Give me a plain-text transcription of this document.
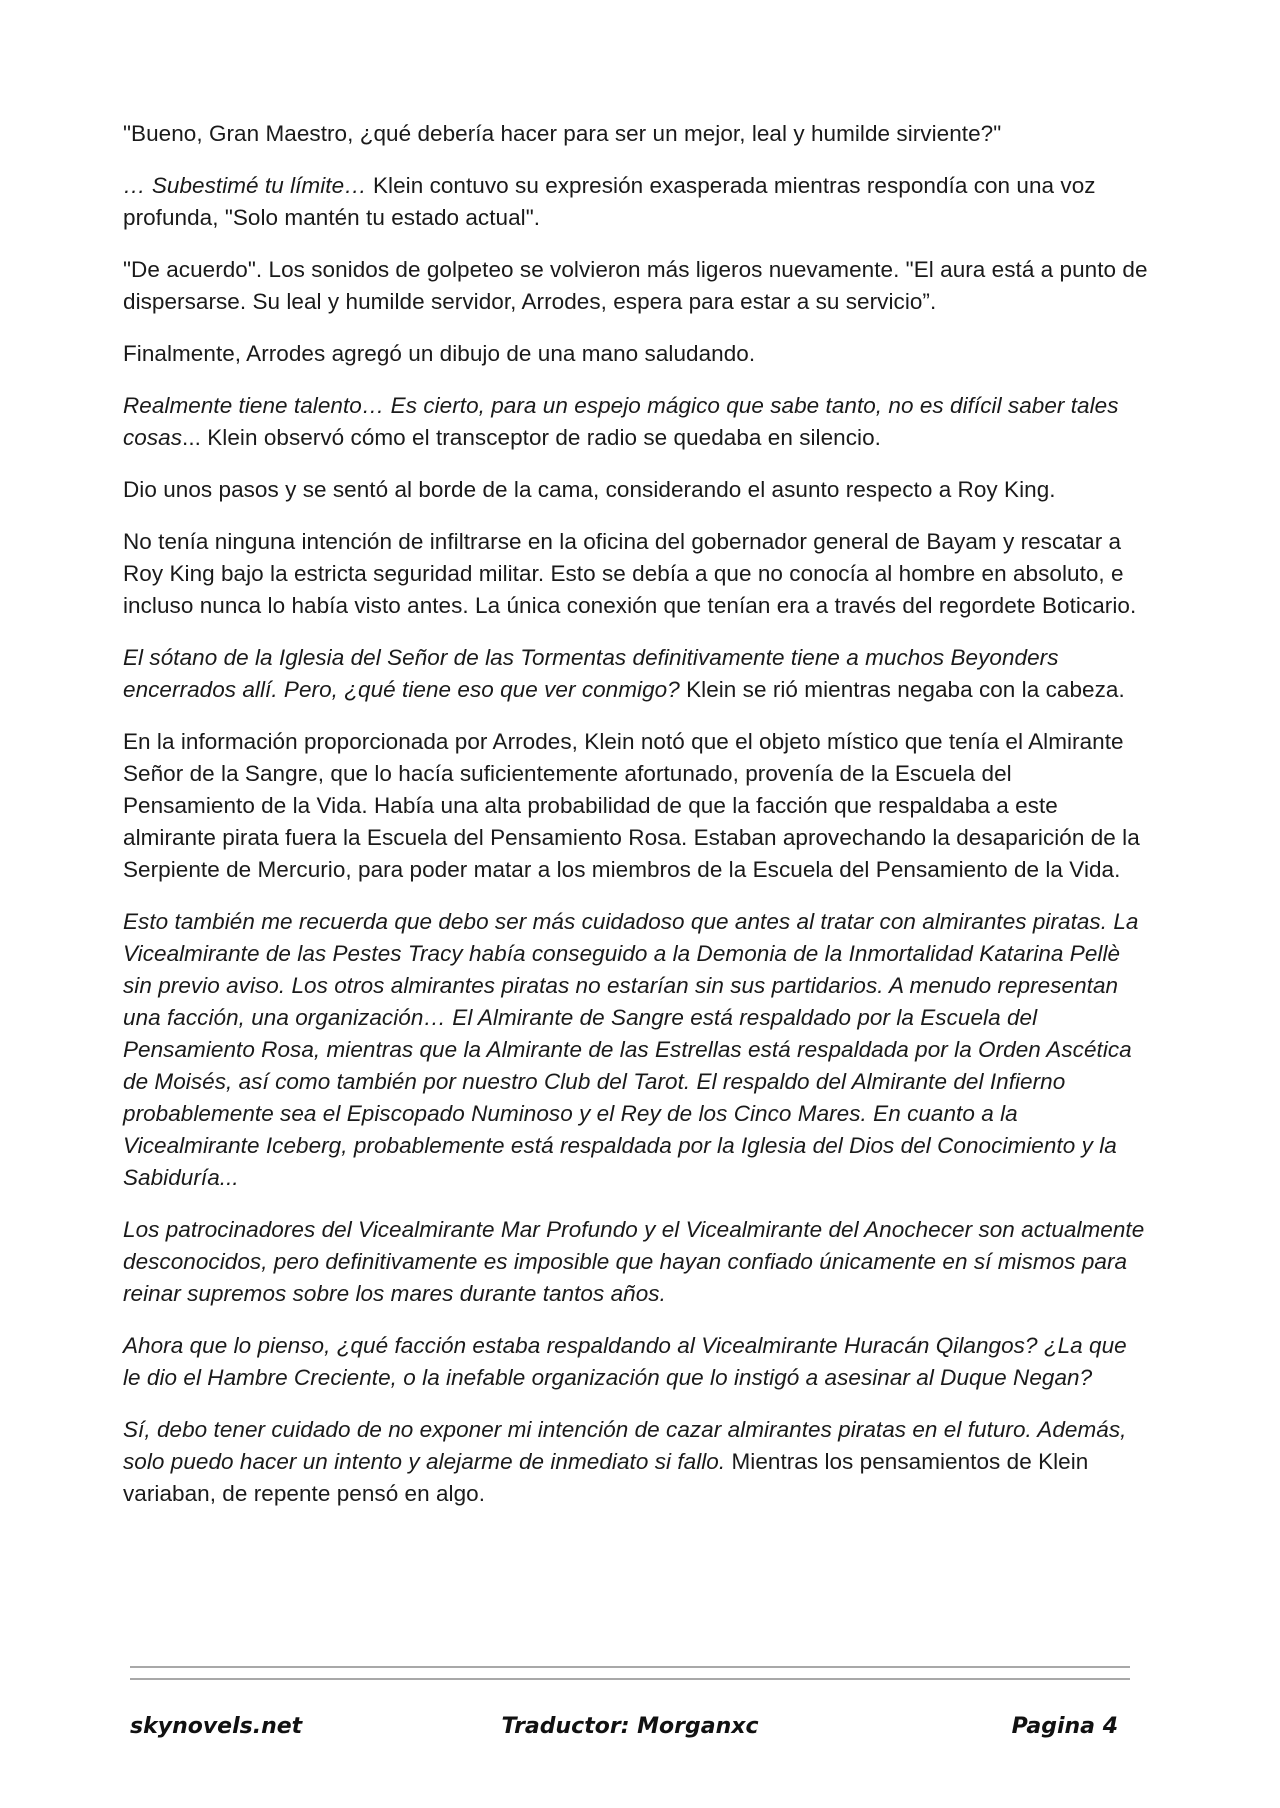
"Bueno, Gran Maestro, ¿qué debería hacer para ser un mejor, leal y humilde sirviente?"

… Subestimé tu límite… Klein contuvo su expresión exasperada mientras respondía con una voz profunda, "Solo mantén tu estado actual".

"De acuerdo". Los sonidos de golpeteo se volvieron más ligeros nuevamente. "El aura está a punto de dispersarse. Su leal y humilde servidor, Arrodes, espera para estar a su servicio”.

Finalmente, Arrodes agregó un dibujo de una mano saludando.

Realmente tiene talento… Es cierto, para un espejo mágico que sabe tanto, no es difícil saber tales cosas... Klein observó cómo el transceptor de radio se quedaba en silencio.

Dio unos pasos y se sentó al borde de la cama, considerando el asunto respecto a Roy King.

No tenía ninguna intención de infiltrarse en la oficina del gobernador general de Bayam y rescatar a Roy King bajo la estricta seguridad militar. Esto se debía a que no conocía al hombre en absoluto, e incluso nunca lo había visto antes. La única conexión que tenían era a través del regordete Boticario.

El sótano de la Iglesia del Señor de las Tormentas definitivamente tiene a muchos Beyonders encerrados allí. Pero, ¿qué tiene eso que ver conmigo? Klein se rió mientras negaba con la cabeza.

En la información proporcionada por Arrodes, Klein notó que el objeto místico que tenía el Almirante Señor de la Sangre, que lo hacía suficientemente afortunado, provenía de la Escuela del Pensamiento de la Vida. Había una alta probabilidad de que la facción que respaldaba a este almirante pirata fuera la Escuela del Pensamiento Rosa. Estaban aprovechando la desaparición de la Serpiente de Mercurio, para poder matar a los miembros de la Escuela del Pensamiento de la Vida.

Esto también me recuerda que debo ser más cuidadoso que antes al tratar con almirantes piratas. La Vicealmirante de las Pestes Tracy había conseguido a la Demonia de la Inmortalidad Katarina Pellè sin previo aviso. Los otros almirantes piratas no estarían sin sus partidarios. A menudo representan una facción, una organización… El Almirante de Sangre está respaldado por la Escuela del Pensamiento Rosa, mientras que la Almirante de las Estrellas está respaldada por la Orden Ascética de Moisés, así como también por nuestro Club del Tarot. El respaldo del Almirante del Infierno probablemente sea el Episcopado Numinoso y el Rey de los Cinco Mares. En cuanto a la Vicealmirante Iceberg, probablemente está respaldada por la Iglesia del Dios del Conocimiento y la Sabiduría...

Los patrocinadores del Vicealmirante Mar Profundo y el Vicealmirante del Anochecer son actualmente desconocidos, pero definitivamente es imposible que hayan confiado únicamente en sí mismos para reinar supremos sobre los mares durante tantos años.

Ahora que lo pienso, ¿qué facción estaba respaldando al Vicealmirante Huracán Qilangos? ¿La que le dio el Hambre Creciente, o la inefable organización que lo instigó a asesinar al Duque Negan?

Sí, debo tener cuidado de no exponer mi intención de cazar almirantes piratas en el futuro. Además, solo puedo hacer un intento y alejarme de inmediato si fallo. Mientras los pensamientos de Klein variaban, de repente pensó en algo.

skynovels.net	Traductor: Morganxc	Pagina 4
